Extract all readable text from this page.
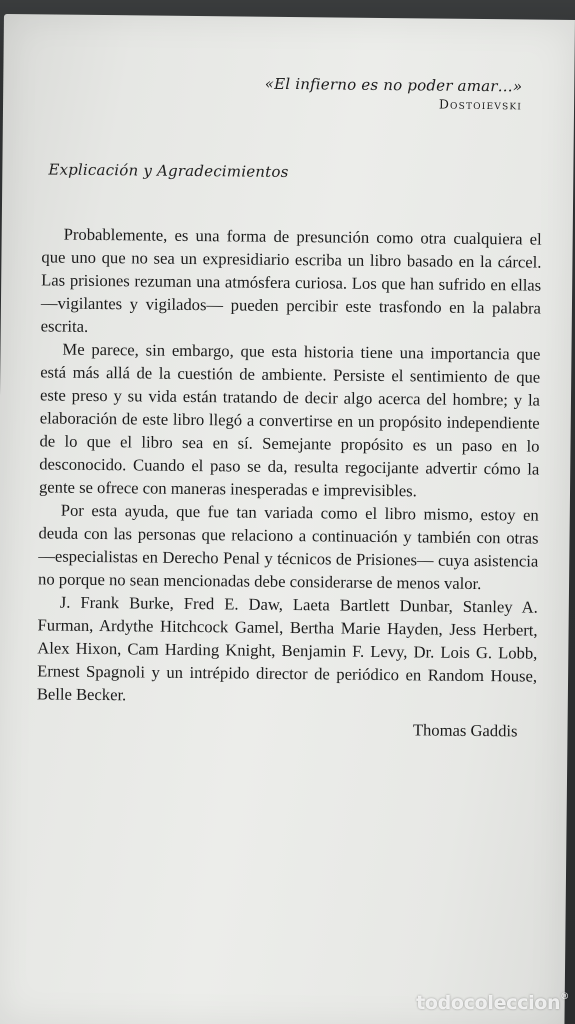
«El infierno es no poder amar…»
Dostoievski
Explicación y Agradecimientos

Probablemente, es una forma de presunción como otra cualquiera el que uno que no sea un expresidiario escriba un libro basado en la cárcel. Las prisiones rezuman una atmósfera curiosa. Los que han sufrido en ellas —vigilantes y vigilados— pueden percibir este trasfondo en la palabra escrita.

Me parece, sin embargo, que esta historia tiene una importancia que está más allá de la cuestión de ambiente. Persiste el sentimiento de que este preso y su vida están tratando de decir algo acerca del hombre; y la elaboración de este libro llegó a convertirse en un propósito independiente de lo que el libro sea en sí. Semejante propósito es un paso en lo desconocido. Cuando el paso se da, resulta regocijante advertir cómo la gente se ofrece con maneras inesperadas e imprevisibles.

Por esta ayuda, que fue tan variada como el libro mismo, estoy en deuda con las personas que relaciono a continuación y también con otras —especialistas en Derecho Penal y técnicos de Prisiones— cuya asistencia no porque no sean mencionadas debe considerarse de menos valor.

J. Frank Burke, Fred E. Daw, Laeta Bartlett Dunbar, Stanley A. Furman, Ardythe Hitchcock Gamel, Bertha Marie Hayden, Jess Herbert, Alex Hixon, Cam Harding Knight, Benjamin F. Levy, Dr. Lois G. Lobb, Ernest Spagnoli y un intrépido director de periódico en Random House, Belle Becker.

Thomas Gaddis
todocoleccion®
